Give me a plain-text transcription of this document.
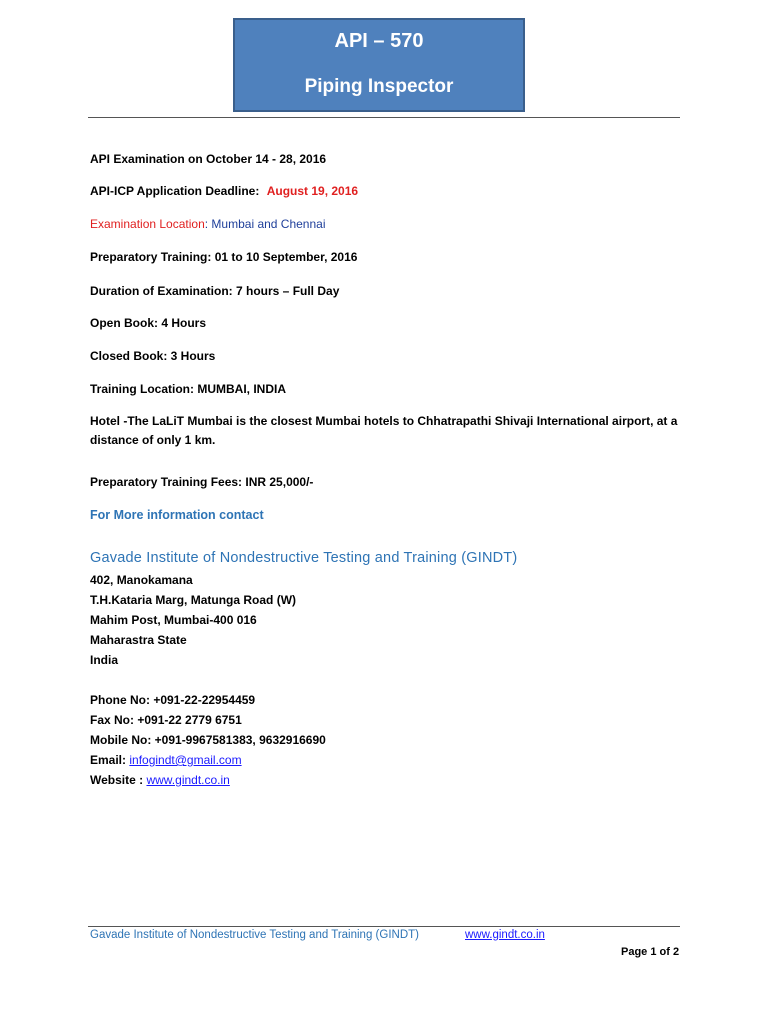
API – 570
Piping Inspector
API Examination on October 14 - 28, 2016
API-ICP Application Deadline: August 19, 2016
Examination Location: Mumbai and Chennai
Preparatory Training: 01 to 10 September, 2016
Duration of Examination: 7 hours – Full Day
Open Book: 4 Hours
Closed Book: 3 Hours
Training Location: MUMBAI, INDIA
Hotel -The LaLiT Mumbai is the closest Mumbai hotels to Chhatrapathi Shivaji International airport, at a distance of only 1 km.
Preparatory Training Fees: INR 25,000/-
For More information contact
Gavade Institute of Nondestructive Testing and Training (GINDT)
402, Manokamana
T.H.Kataria Marg, Matunga Road (W)
Mahim Post, Mumbai-400 016
Maharastra State
India
Phone No: +091-22-22954459
Fax No: +091-22 2779 6751
Mobile No: +091-9967581383, 9632916690
Email: infogindt@gmail.com
Website : www.gindt.co.in
Gavade Institute of Nondestructive Testing and Training (GINDT)	www.gindt.co.in
Page 1 of 2
